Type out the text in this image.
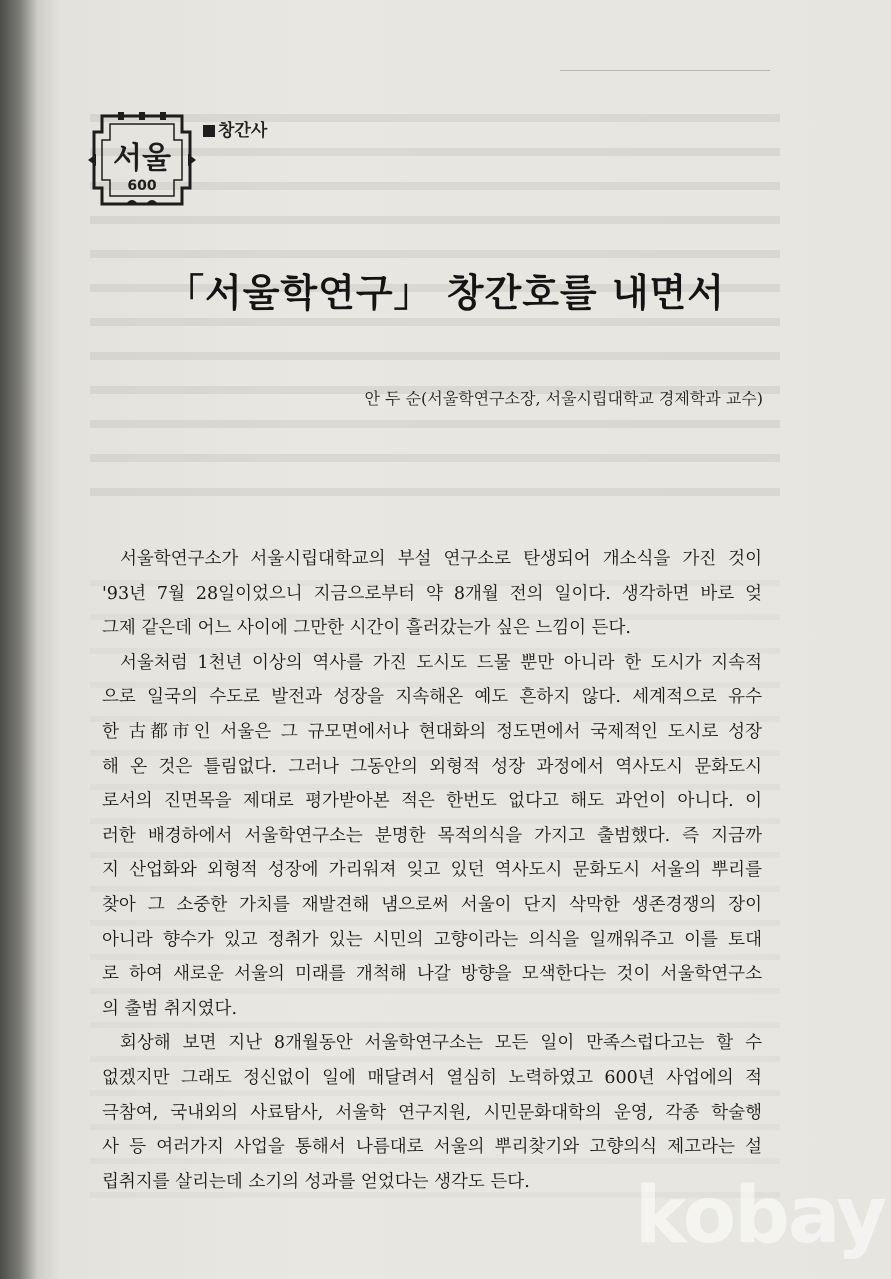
서울
600
창간사
「서울학연구」 창간호를 내면서
안 두 순(서울학연구소장, 서울시립대학교 경제학과 교수)
서울학연구소가 서울시립대학교의 부설 연구소로 탄생되어 개소식을 가진 것이
'93년 7월 28일이었으니 지금으로부터 약 8개월 전의 일이다. 생각하면 바로 엊
그제 같은데 어느 사이에 그만한 시간이 흘러갔는가 싶은 느낌이 든다.
서울처럼 1천년 이상의 역사를 가진 도시도 드물 뿐만 아니라 한 도시가 지속적
으로 일국의 수도로 발전과 성장을 지속해온 예도 흔하지 않다. 세계적으로 유수
한 古都市인 서울은 그 규모면에서나 현대화의 정도면에서 국제적인 도시로 성장
해 온 것은 틀림없다. 그러나 그동안의 외형적 성장 과정에서 역사도시 문화도시
로서의 진면목을 제대로 평가받아본 적은 한번도 없다고 해도 과언이 아니다. 이
러한 배경하에서 서울학연구소는 분명한 목적의식을 가지고 출범했다. 즉 지금까
지 산업화와 외형적 성장에 가리워져 잊고 있던 역사도시 문화도시 서울의 뿌리를
찾아 그 소중한 가치를 재발견해 냄으로써 서울이 단지 삭막한 생존경쟁의 장이
아니라 향수가 있고 정취가 있는 시민의 고향이라는 의식을 일깨워주고 이를 토대
로 하여 새로운 서울의 미래를 개척해 나갈 방향을 모색한다는 것이 서울학연구소
의 출범 취지였다.
회상해 보면 지난 8개월동안 서울학연구소는 모든 일이 만족스럽다고는 할 수
없겠지만 그래도 정신없이 일에 매달려서 열심히 노력하였고 600년 사업에의 적
극참여, 국내외의 사료탐사, 서울학 연구지원, 시민문화대학의 운영, 각종 학술행
사 등 여러가지 사업을 통해서 나름대로 서울의 뿌리찾기와 고향의식 제고라는 설
립취지를 살리는데 소기의 성과를 얻었다는 생각도 든다.	kobay
